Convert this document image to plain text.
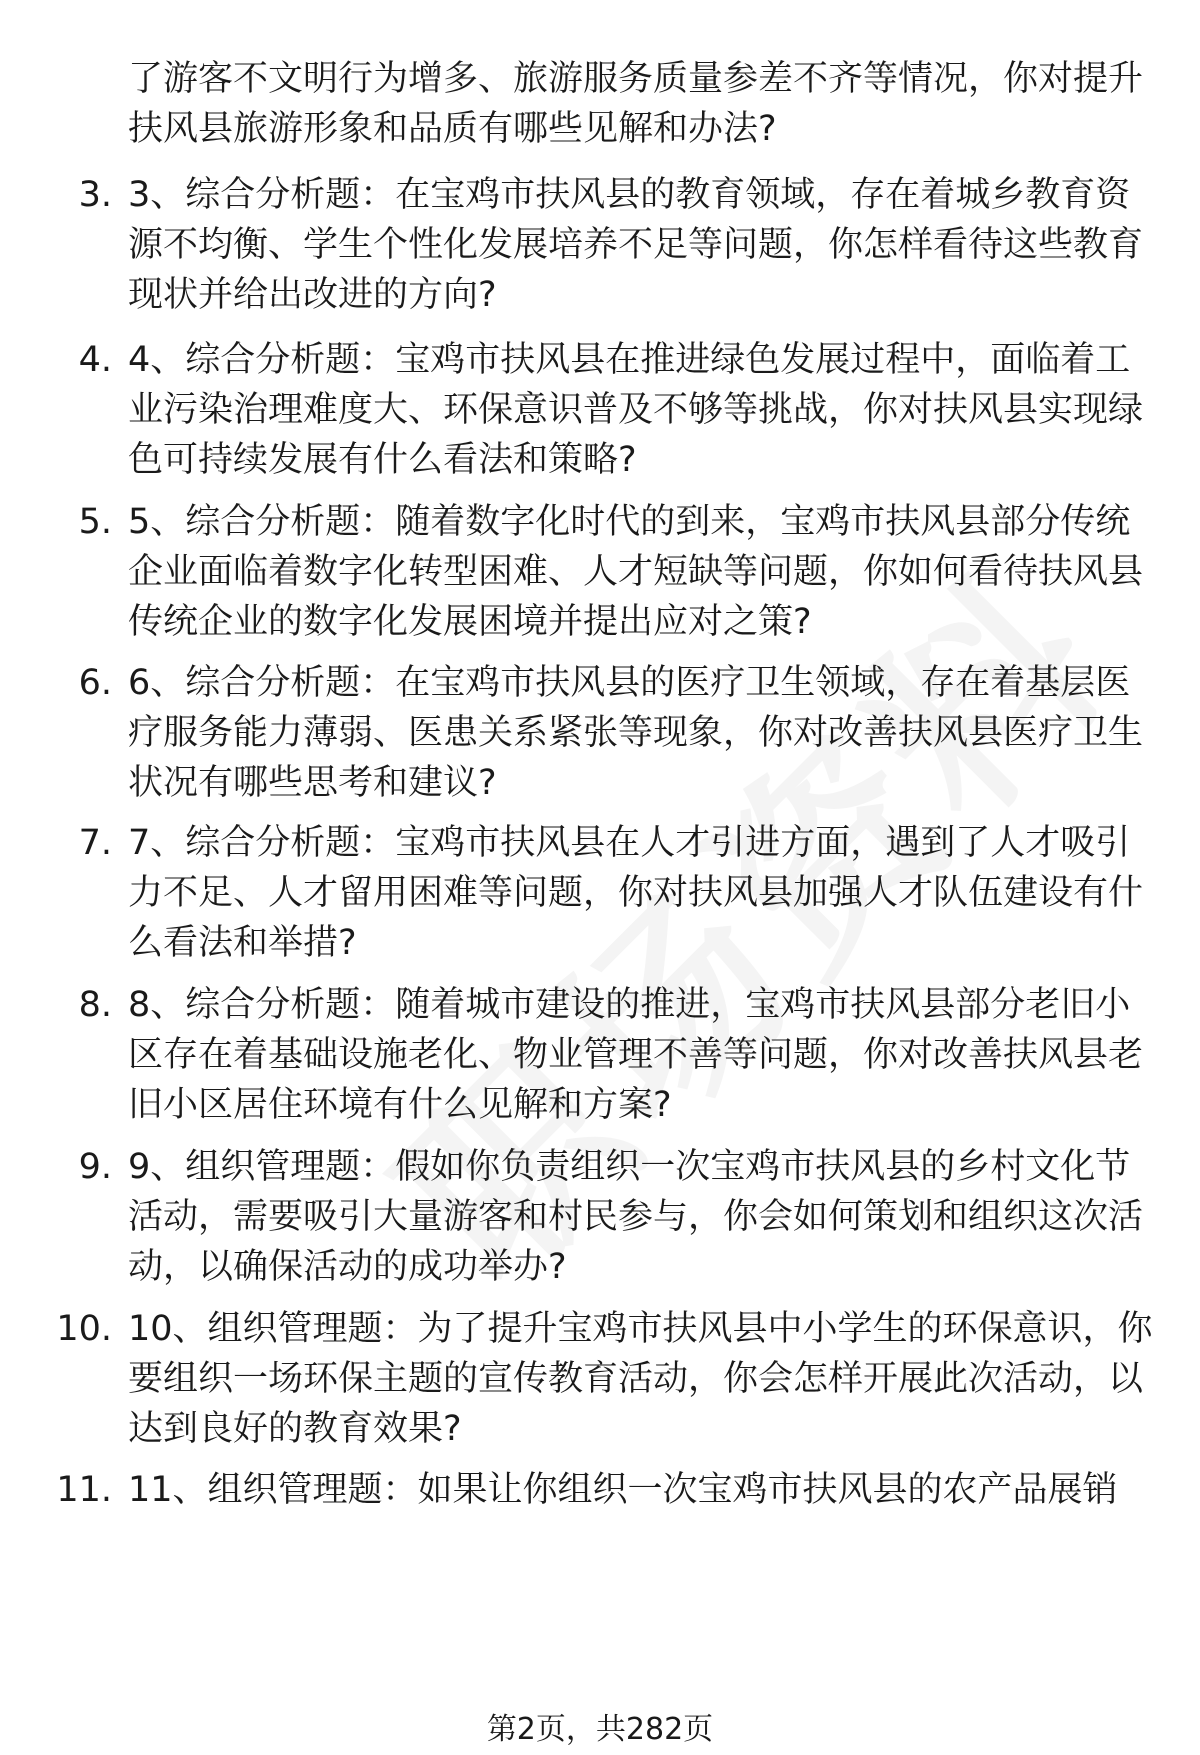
了游客不文明行为增多、旅游服务质量参差不齐等情况，你对提升扶风县旅游形象和品质有哪些见解和办法?
3. 3、综合分析题：在宝鸡市扶风县的教育领域，存在着城乡教育资源不均衡、学生个性化发展培养不足等问题，你怎样看待这些教育现状并给出改进的方向?
4. 4、综合分析题：宝鸡市扶风县在推进绿色发展过程中，面临着工业污染治理难度大、环保意识普及不够等挑战，你对扶风县实现绿色可持续发展有什么看法和策略?
5. 5、综合分析题：随着数字化时代的到来，宝鸡市扶风县部分传统企业面临着数字化转型困难、人才短缺等问题，你如何看待扶风县传统企业的数字化发展困境并提出应对之策?
6. 6、综合分析题：在宝鸡市扶风县的医疗卫生领域，存在着基层医疗服务能力薄弱、医患关系紧张等现象，你对改善扶风县医疗卫生状况有哪些思考和建议?
7. 7、综合分析题：宝鸡市扶风县在人才引进方面，遇到了人才吸引力不足、人才留用困难等问题，你对扶风县加强人才队伍建设有什么看法和举措?
8. 8、综合分析题：随着城市建设的推进，宝鸡市扶风县部分老旧小区存在着基础设施老化、物业管理不善等问题，你对改善扶风县老旧小区居住环境有什么见解和方案?
9. 9、组织管理题：假如你负责组织一次宝鸡市扶风县的乡村文化节活动，需要吸引大量游客和村民参与，你会如何策划和组织这次活动，以确保活动的成功举办?
10. 10、组织管理题：为了提升宝鸡市扶风县中小学生的环保意识，你要组织一场环保主题的宣传教育活动，你会怎样开展此次活动，以达到良好的教育效果?
11. 11、组织管理题：如果让你组织一次宝鸡市扶风县的农产品展销
第2页，共282页
